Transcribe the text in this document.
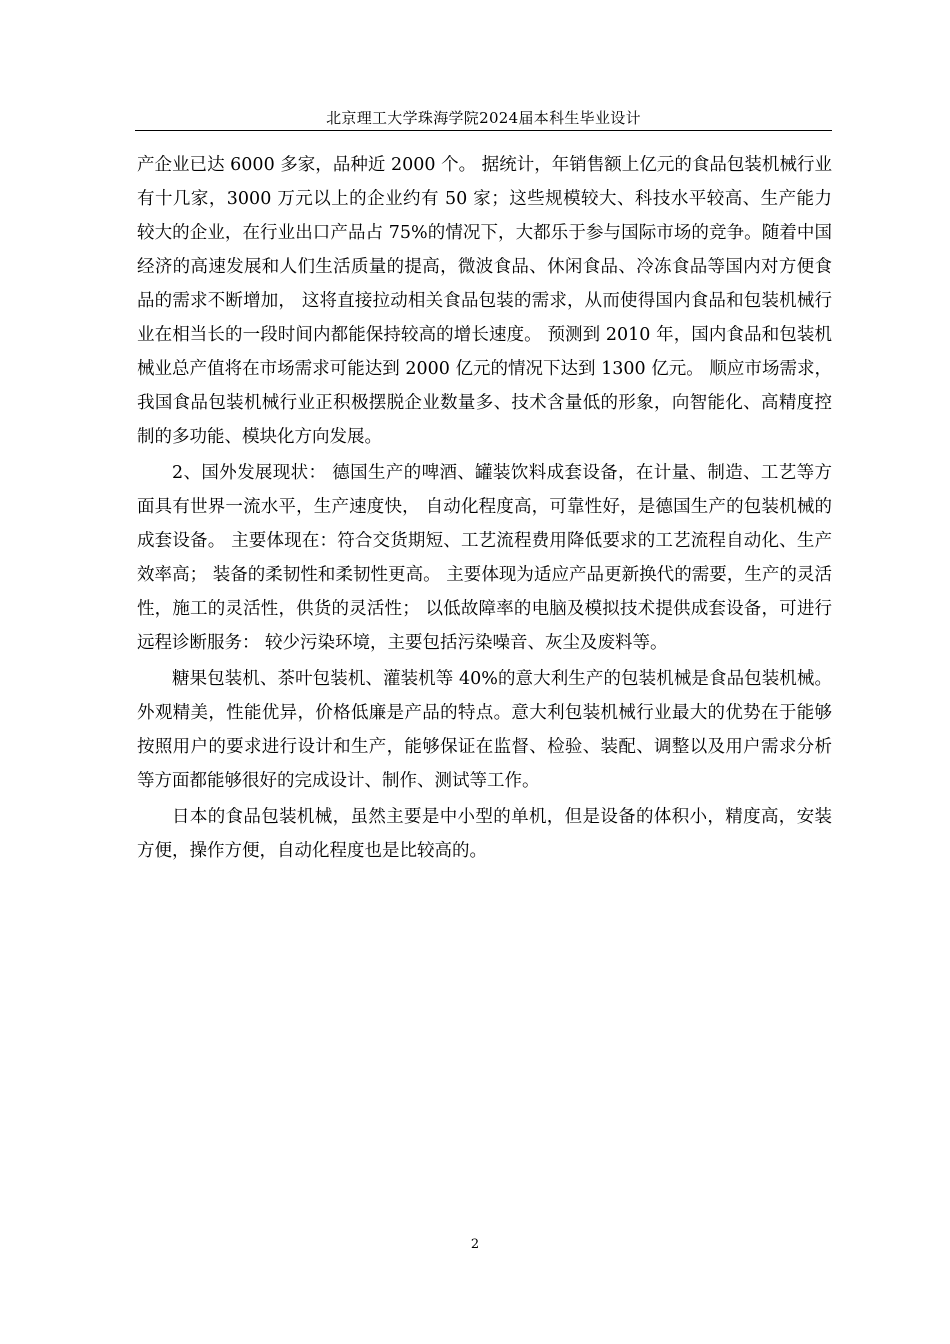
北京理工大学珠海学院2024届本科生毕业设计

产企业已达 6000 多家，品种近 2000 个。 据统计，年销售额上亿元的食品包装机械行业有十几家，3000 万元以上的企业约有 50 家；这些规模较大、科技水平较高、生产能力较大的企业，在行业出口产品占 75%的情况下，大都乐于参与国际市场的竞争。随着中国经济的高速发展和人们生活质量的提高，微波食品、休闲食品、冷冻食品等国内对方便食品的需求不断增加， 这将直接拉动相关食品包装的需求，从而使得国内食品和包装机械行业在相当长的一段时间内都能保持较高的增长速度。 预测到 2010 年，国内食品和包装机械业总产值将在市场需求可能达到 2000 亿元的情况下达到 1300 亿元。 顺应市场需求，我国食品包装机械行业正积极摆脱企业数量多、技术含量低的形象，向智能化、高精度控制的多功能、模块化方向发展。

2、国外发展现状： 德国生产的啤酒、罐装饮料成套设备，在计量、制造、工艺等方面具有世界一流水平，生产速度快， 自动化程度高，可靠性好，是德国生产的包装机械的成套设备。 主要体现在：符合交货期短、工艺流程费用降低要求的工艺流程自动化、生产效率高； 装备的柔韧性和柔韧性更高。 主要体现为适应产品更新换代的需要，生产的灵活性，施工的灵活性，供货的灵活性； 以低故障率的电脑及模拟技术提供成套设备，可进行远程诊断服务： 较少污染环境，主要包括污染噪音、灰尘及废料等。

糖果包装机、茶叶包装机、灌装机等 40%的意大利生产的包装机械是食品包装机械。外观精美，性能优异，价格低廉是产品的特点。意大利包装机械行业最大的优势在于能够按照用户的要求进行设计和生产，能够保证在监督、检验、装配、调整以及用户需求分析等方面都能够很好的完成设计、制作、测试等工作。

日本的食品包装机械，虽然主要是中小型的单机，但是设备的体积小，精度高，安装方便，操作方便，自动化程度也是比较高的。

2
